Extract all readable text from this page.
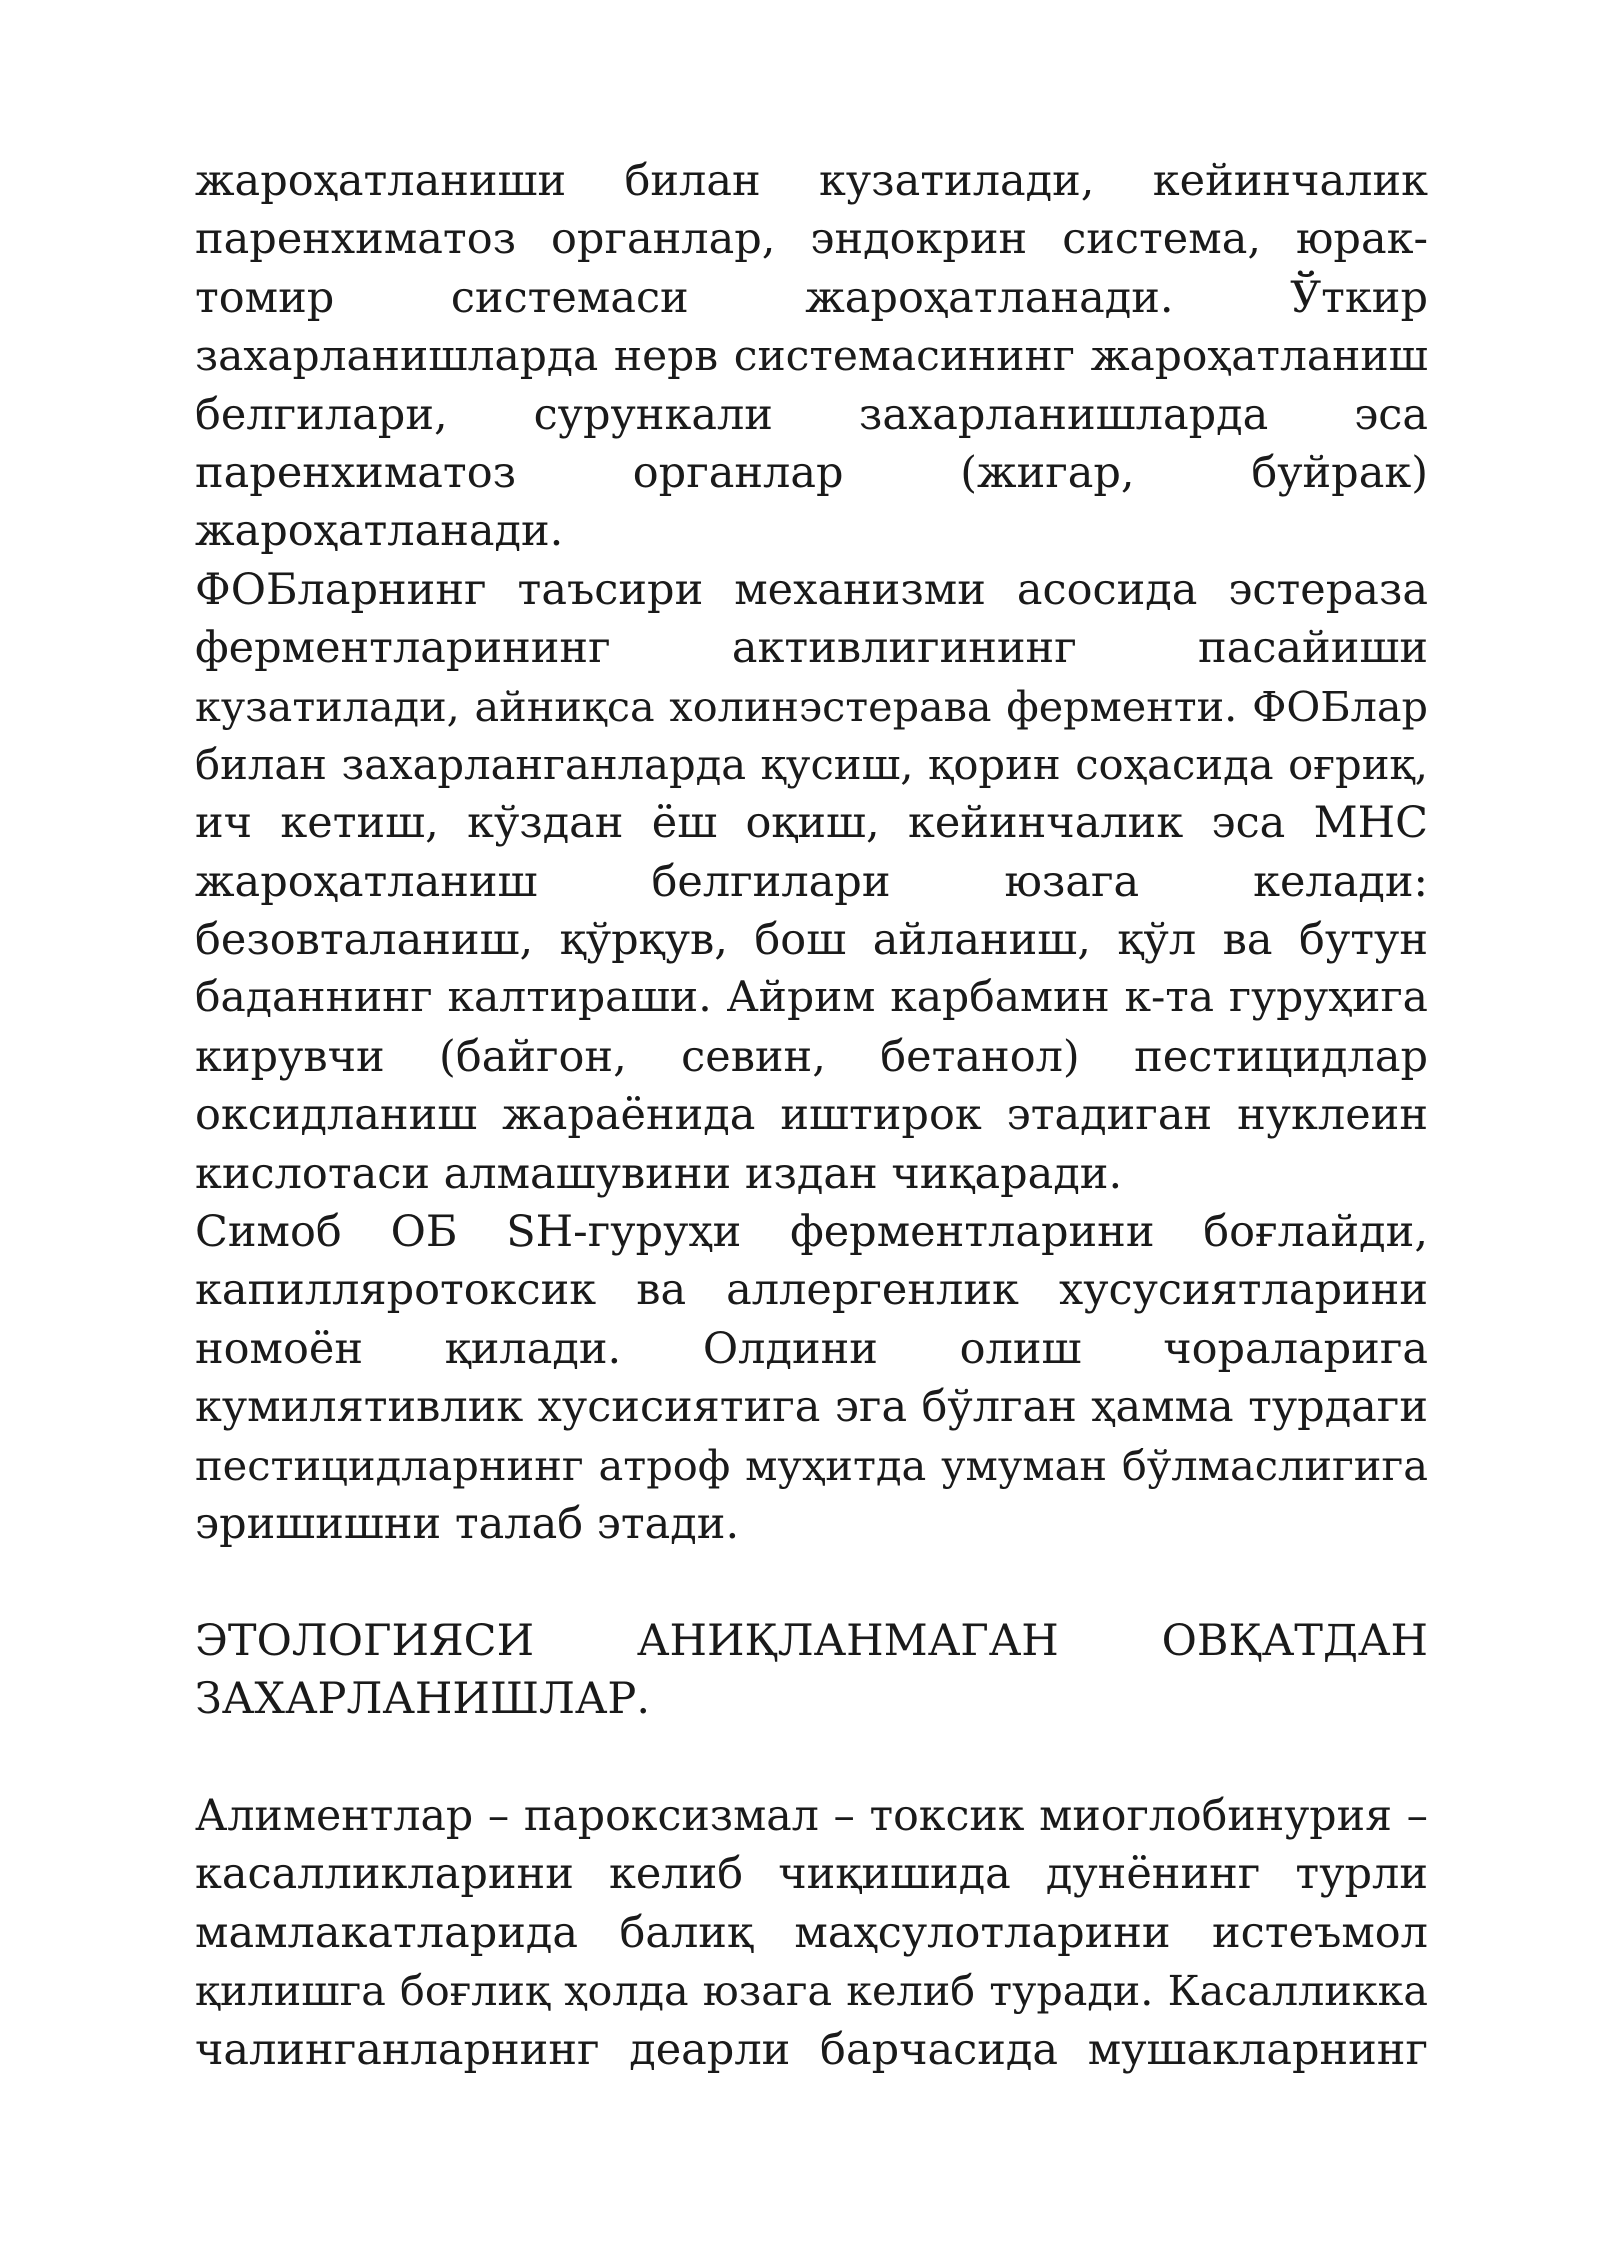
жароҳатланиши билан кузатилади, кейинчалик
паренхиматоз органлар, эндокрин система, юрак-
томир системаси жароҳатланади. Ўткир
захарланишларда нерв системасининг жароҳатланиш
белгилари, сурункали захарланишларда эса
паренхиматоз органлар (жигар, буйрак)
жароҳатланади.
ФОБларнинг таъсири механизми асосида эстераза
ферментларининг активлигининг пасайиши
кузатилади, айниқса холинэстерава ферменти. ФОБлар
билан захарланганларда қусиш, қорин соҳасида оғриқ,
ич кетиш, кўздан ёш оқиш, кейинчалик эса МНС
жароҳатланиш белгилари юзага келади:
безовталаниш, қўрқув, бош айланиш, қўл ва бутун
баданнинг калтираши. Айрим карбамин к-та гуруҳига
кирувчи (байгон, севин, бетанол) пестицидлар
оксидланиш жараёнида иштирок этадиган нуклеин
кислотаси алмашувини издан чиқаради.
Симоб ОБ SH-гуруҳи ферментларини боғлайди,
капилляротоксик ва аллергенлик хусусиятларини
номоён қилади. Олдини олиш чораларига
кумилятивлик хусисиятига эга бўлган ҳамма турдаги
пестицидларнинг атроф муҳитда умуман бўлмаслигига
эришишни талаб этади.
ЭТОЛОГИЯСИ АНИҚЛАНМАГАН ОВҚАТДАН
ЗАХАРЛАНИШЛАР.
Алиментлар – пароксизмал – токсик миоглобинурия –
касалликларини келиб чиқишида дунёнинг турли
мамлакатларида балиқ маҳсулотларини истеъмол
қилишга боғлиқ ҳолда юзага келиб туради. Касалликка
чалинганларнинг деарли барчасида мушакларнинг
